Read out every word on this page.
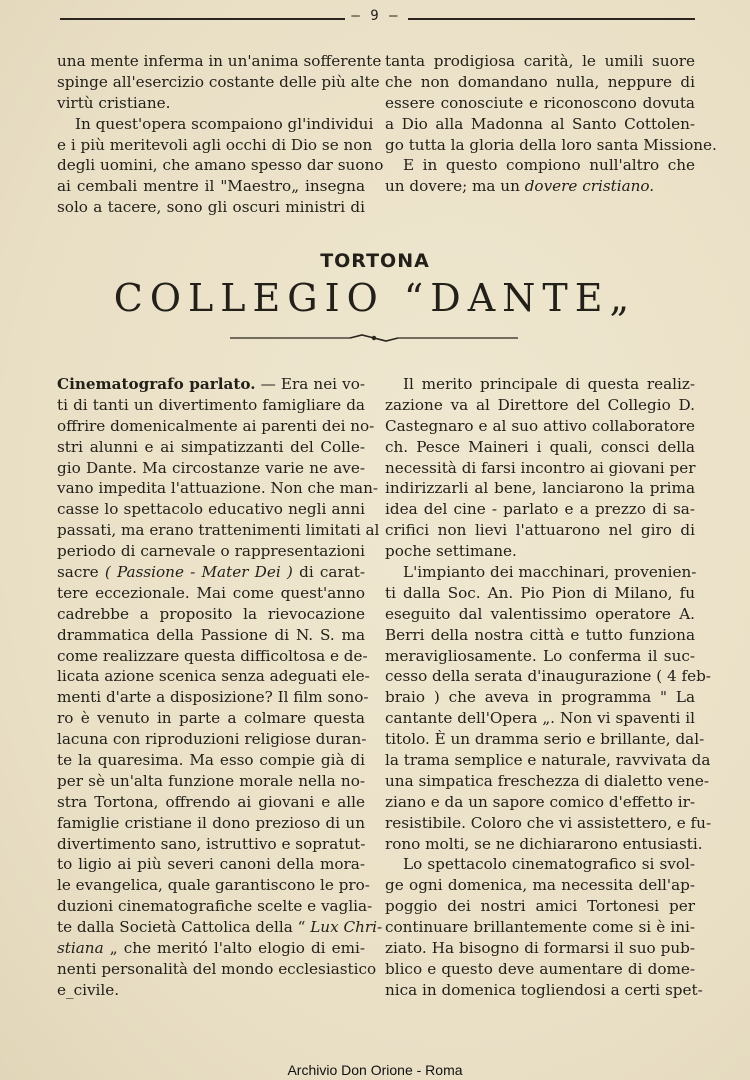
– 9 –
una mente inferma in un'anima sofferente
spinge all'esercizio costante delle più alte
virtù cristiane.
In quest'opera scompaiono gl'individui
e i più meritevoli agli occhi di Dio se non
degli uomini, che amano spesso dar suono
ai cembali mentre il "Maestro„ insegna
solo a tacere, sono gli oscuri ministri di
tanta prodigiosa carità, le umili suore
che non domandano nulla, neppure di
essere conosciute e riconoscono dovuta
a Dio alla Madonna al Santo Cottolen-
go tutta la gloria della loro santa Missione.
E in questo compiono null'altro che
un dovere; ma un dovere cristiano.
TORTONA
COLLEGIO “DANTE„
Cinematografo parlato. — Era nei vo-
ti di tanti un divertimento famigliare da
offrire domenicalmente ai parenti dei no-
stri alunni e ai simpatizzanti del Colle-
gio Dante. Ma circostanze varie ne ave-
vano impedita l'attuazione. Non che man-
casse lo spettacolo educativo negli anni
passati, ma erano trattenimenti limitati al
periodo di carnevale o rappresentazioni
sacre ( Passione - Mater Dei ) di carat-
tere eccezionale. Mai come quest'anno
cadrebbe a proposito la rievocazione
drammatica della Passione di N. S. ma
come realizzare questa difficoltosa e de-
licata azione scenica senza adeguati ele-
menti d'arte a disposizione? Il film sono-
ro è venuto in parte a colmare questa
lacuna con riproduzioni religiose duran-
te la quaresima. Ma esso compie già di
per sè un'alta funzione morale nella no-
stra Tortona, offrendo ai giovani e alle
famiglie cristiane il dono prezioso di un
divertimento sano, istruttivo e sopratut-
to ligio ai più severi canoni della mora-
le evangelica, quale garantiscono le pro-
duzioni cinematografiche scelte e vaglia-
te dalla Società Cattolica della “ Lux Chri-
stiana „ che meritó l'alto elogio di emi-
nenti personalità del mondo ecclesiastico
e_civile.
Il merito principale di questa realiz-
zazione va al Direttore del Collegio D.
Castegnaro e al suo attivo collaboratore
ch. Pesce Maineri i quali, consci della
necessità di farsi incontro ai giovani per
indirizzarli al bene, lanciarono la prima
idea del cine - parlato e a prezzo di sa-
crifici non lievi l'attuarono nel giro di
poche settimane.
L'impianto dei macchinari, provenien-
ti dalla Soc. An. Pio Pion di Milano, fu
eseguito dal valentissimo operatore A.
Berri della nostra città e tutto funziona
meravigliosamente. Lo conferma il suc-
cesso della serata d'inaugurazione ( 4 feb-
braio ) che aveva in programma " La
cantante dell'Opera „. Non vi spaventi il
titolo. È un dramma serio e brillante, dal-
la trama semplice e naturale, ravvivata da
una simpatica freschezza di dialetto vene-
ziano e da un sapore comico d'effetto ir-
resistibile. Coloro che vi assistettero, e fu-
rono molti, se ne dichiararono entusiasti.
Lo spettacolo cinematografico si svol-
ge ogni domenica, ma necessita dell'ap-
poggio dei nostri amici Tortonesi per
continuare brillantemente come si è ini-
ziato. Ha bisogno di formarsi il suo pub-
blico e questo deve aumentare di dome-
nica in domenica togliendosi a certi spet-
Archivio Don Orione - Roma
